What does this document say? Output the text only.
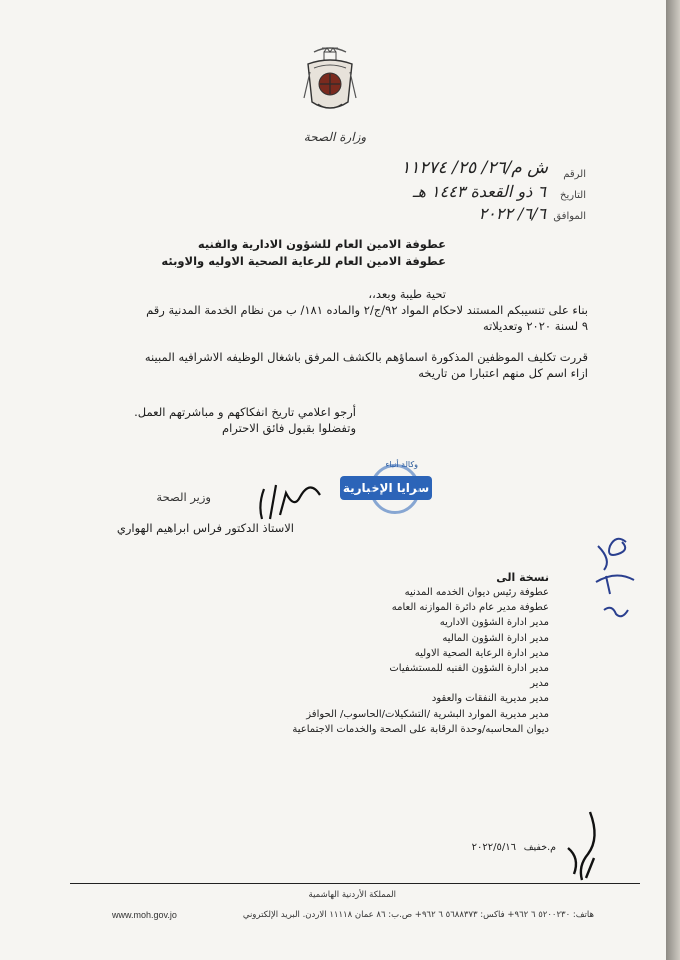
وزارة الصحة
الرقم
ش م/٢٦/ ٢٥/ ١١٢٧٤
التاريخ
٦ ذو القعدة ١٤٤٣ هـ
الموافق
٦/٦/ ٢٠٢٢
عطوفة الامين العام للشؤون الادارية والفنيه
عطوفة الامين العام للرعاية الصحية الاوليه والاوبئه
تحية طيبة وبعد،،
بناء على تنسيبكم المستند لاحكام المواد ٩٢/ج/٢ والماده ١٨١/ ب من نظام الخدمة المدنية رقم
٩ لسنة ٢٠٢٠ وتعديلاته
قررت تكليف الموظفين المذكورة اسماؤهم بالكشف المرفق باشغال الوظيفه الاشرافيه المبينه
ازاء اسم كل منهم اعتبارا من تاريخه
أرجو اعلامي تاريخ انفكاكهم و مباشرتهم العمل.
وتفضلوا بقبول فائق الاحترام
وكالة أنباء
سرايا الإخبارية
وزير الصحة
الاستاذ الدكتور فراس ابراهيم الهواري
نسخة الى
عطوفة رئيس ديوان الخدمه المدنيه
عطوفة مدير عام دائرة الموازنه العامه
مدير ادارة الشؤون الاداريه
مدير ادارة الشؤون الماليه
مدير ادارة الرعاية الصحية الاوليه
مدير ادارة الشؤون الفنيه للمستشفيات
مدير
مدير مديرية النفقات والعقود
مدير مديرية الموارد البشرية /التشكيلات/الحاسوب/ الحوافز
ديوان المحاسبه/وحدة الرقابة على الصحة والخدمات الاجتماعية
م.خفيف
٢٠٢٢/٥/١٦
المملكة الأردنية الهاشمية
هاتف: ٥٢٠٠٢٣٠ ٦ ٩٦٢+ فاكس: ٥٦٨٨٣٧٣ ٦ ٩٦٢+ ص.ب: ٨٦ عمان ١١١١٨ الاردن. البريد الإلكتروني
www.moh.gov.jo
